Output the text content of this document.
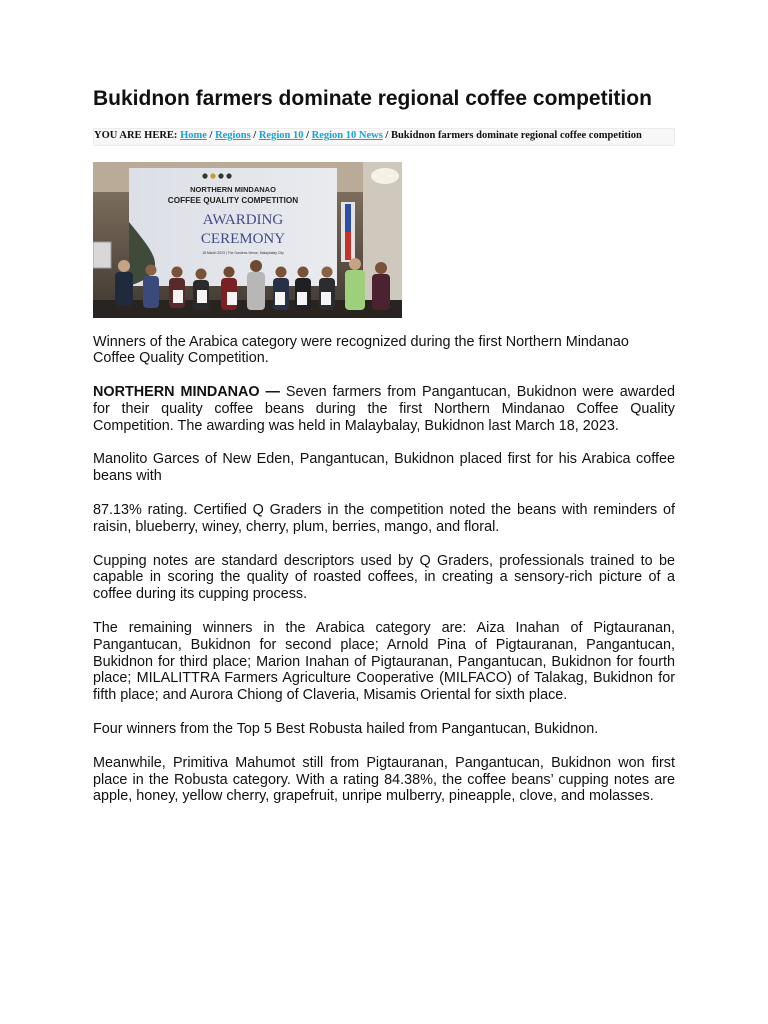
Bukidnon farmers dominate regional coffee competition
YOU ARE HERE: Home / Regions / Region 10 / Region 10 News / Bukidnon farmers dominate regional coffee competition
NORTHERN MINDANAO
COFFEE QUALITY COMPETITION
AWARDING
CEREMONY
18 March 2023 | The Gardens Venue, Malaybalay City

Winners of the Arabica category were recognized during the first Northern Mindanao Coffee Quality Competition.

NORTHERN MINDANAO — Seven farmers from Pangantucan, Bukidnon were awarded for their quality coffee beans during the first Northern Mindanao Coffee Quality Competition. The awarding was held in Malaybalay, Bukidnon last March 18, 2023.

Manolito Garces of New Eden, Pangantucan, Bukidnon placed first for his Arabica coffee beans with

87.13% rating. Certified Q Graders in the competition noted the beans with reminders of raisin, blueberry, winey, cherry, plum, berries, mango, and floral.

Cupping notes are standard descriptors used by Q Graders, professionals trained to be capable in scoring the quality of roasted coffees, in creating a sensory-rich picture of a coffee during its cupping process.

The remaining winners in the Arabica category are: Aiza Inahan of Pigtauranan, Pangantucan, Bukidnon for second place; Arnold Pina of Pigtauranan, Pangantucan, Bukidnon for third place; Marion Inahan of Pigtauranan, Pangantucan, Bukidnon for fourth place; MILALITTRA Farmers Agriculture Cooperative (MILFACO) of Talakag, Bukidnon for fifth place; and Aurora Chiong of Claveria, Misamis Oriental for sixth place.

Four winners from the Top 5 Best Robusta hailed from Pangantucan, Bukidnon.

Meanwhile, Primitiva Mahumot still from Pigtauranan, Pangantucan, Bukidnon won first place in the Robusta category. With a rating 84.38%, the coffee beans’ cupping notes are apple, honey, yellow cherry, grapefruit, unripe mulberry, pineapple, clove, and molasses.
